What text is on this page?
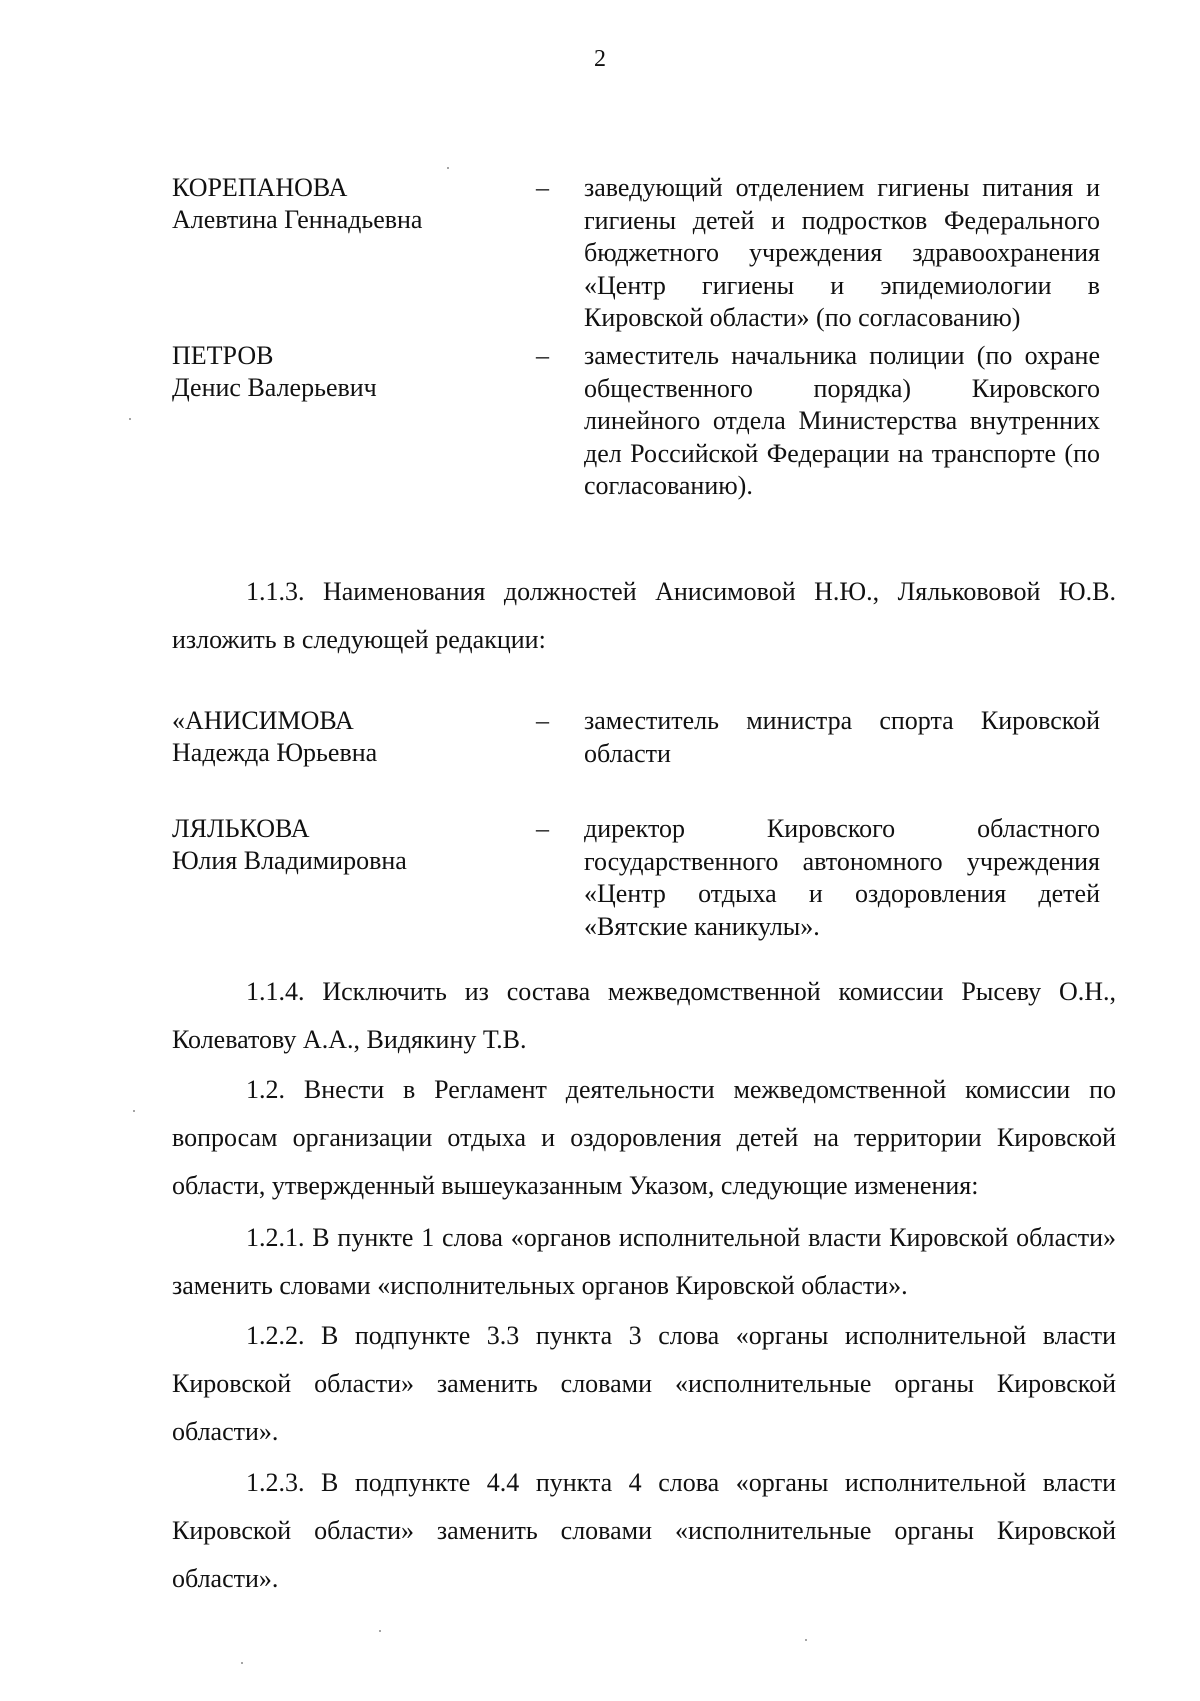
2
КОРЕПАНОВА
Алевтина Геннадьевна
– заведующий отделением гигиены питания и гигиены детей и подростков Федерального бюджетного учреждения здравоохранения «Центр гигиены и эпидемиологии в Кировской области» (по согласованию)
ПЕТРОВ
Денис Валерьевич
– заместитель начальника полиции (по охране общественного порядка) Кировского линейного отдела Министерства внутренних дел Российской Федерации на транспорте (по согласованию).

1.1.3. Наименования должностей Анисимовой Н.Ю., Лялькововой Ю.В. изложить в следующей редакции:

«АНИСИМОВА
Надежда Юрьевна
– заместитель министра спорта Кировской области
ЛЯЛЬКОВА
Юлия Владимировна
– директор Кировского областного государственного автономного учреждения «Центр отдыха и оздоровления детей «Вятские каникулы».

1.1.4. Исключить из состава межведомственной комиссии Рысеву О.Н., Колеватову А.А., Видякину Т.В.

1.2. Внести в Регламент деятельности межведомственной комиссии по вопросам организации отдыха и оздоровления детей на территории Кировской области, утвержденный вышеуказанным Указом, следующие изменения:

1.2.1. В пункте 1 слова «органов исполнительной власти Кировской области» заменить словами «исполнительных органов Кировской области».

1.2.2. В подпункте 3.3 пункта 3 слова «органы исполнительной власти Кировской области» заменить словами «исполнительные органы Кировской области».

1.2.3. В подпункте 4.4 пункта 4 слова «органы исполнительной власти Кировской области» заменить словами «исполнительные органы Кировской области».
